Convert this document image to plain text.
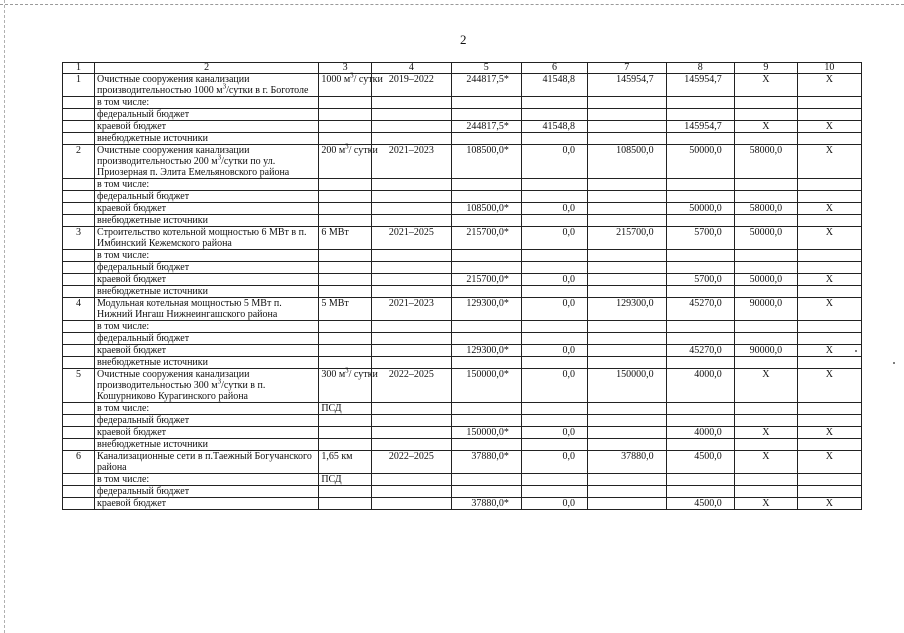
2
1	2	3	4	5	6	7	8	9	10
1	Очистные сооружения канализации производительностью 1000 $м^3$/сутки в г. Боготоле	1000 $м^3/$ сутки	2019–2022	244817,5*	41548,8	145954,7	145954,7	Х	Х
	в том числе:								
	федеральный бюджет								
	краевой бюджет			244817,5*	41548,8		145954,7	Х	Х
	внебюджетные источники								
2	Очистные сооружения канализации производительностью 200 $м^3$/сутки по ул. Приозерная п. Элита Емельяновского района	200 $м^3/$ сутки	2021–2023	108500,0*	0,0	108500,0	50000,0	58000,0	Х
	в том числе:								
	федеральный бюджет								
	краевой бюджет			108500,0*	0,0		50000,0	58000,0	Х
	внебюджетные источники								
3	Строительство котельной мощностью 6 МВт в п. Имбинский Кежемского района	6 МВт	2021–2025	215700,0*	0,0	215700,0	5700,0	50000,0	Х
	в том числе:								
	федеральный бюджет								
	краевой бюджет			215700,0*	0,0		5700,0	50000,0	Х
	внебюджетные источники								
4	Модульная котельная мощностью 5 МВт п. Нижний Ингаш Нижнеингашского района	5 МВт	2021–2023	129300,0*	0,0	129300,0	45270,0	90000,0	Х
	в том числе:								
	федеральный бюджет								
	краевой бюджет			129300,0*	0,0		45270,0	90000,0	Х
	внебюджетные источники								
5	Очистные сооружения канализации производительностью 300 $м^3$/сутки в п. Кошурниково Курагинского района	300 $м^3/$ сутки	2022–2025	150000,0*	0,0	150000,0	4000,0	Х	Х
	в том числе:	ПСД							
	федеральный бюджет								
	краевой бюджет			150000,0*	0,0		4000,0	Х	Х
	внебюджетные источники								
6	Канализационные сети в п.Таежный Богучанского района	1,65 км	2022–2025	37880,0*	0,0	37880,0	4500,0	Х	Х
	в том числе:	ПСД							
	федеральный бюджет								
	краевой бюджет			37880,0*	0,0		4500,0	Х	Х
